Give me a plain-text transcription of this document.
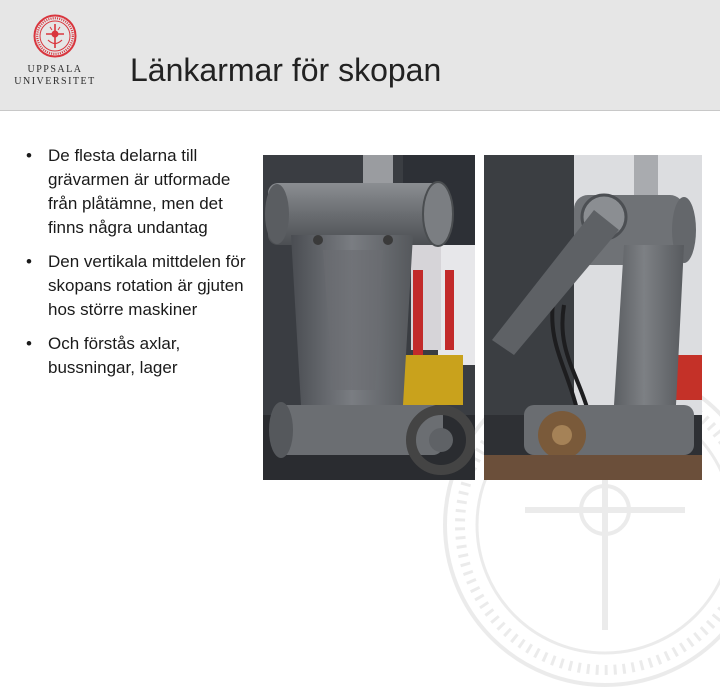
UPPSALA
UNIVERSITET Länkarmar för skopan
• De flesta delarna till grävarmen är utformade från plåtämne, men det finns några undantag
• Den vertikala mittdelen för skopans rotation är gjuten hos större maskiner
• Och förstås axlar, bussningar, lager
